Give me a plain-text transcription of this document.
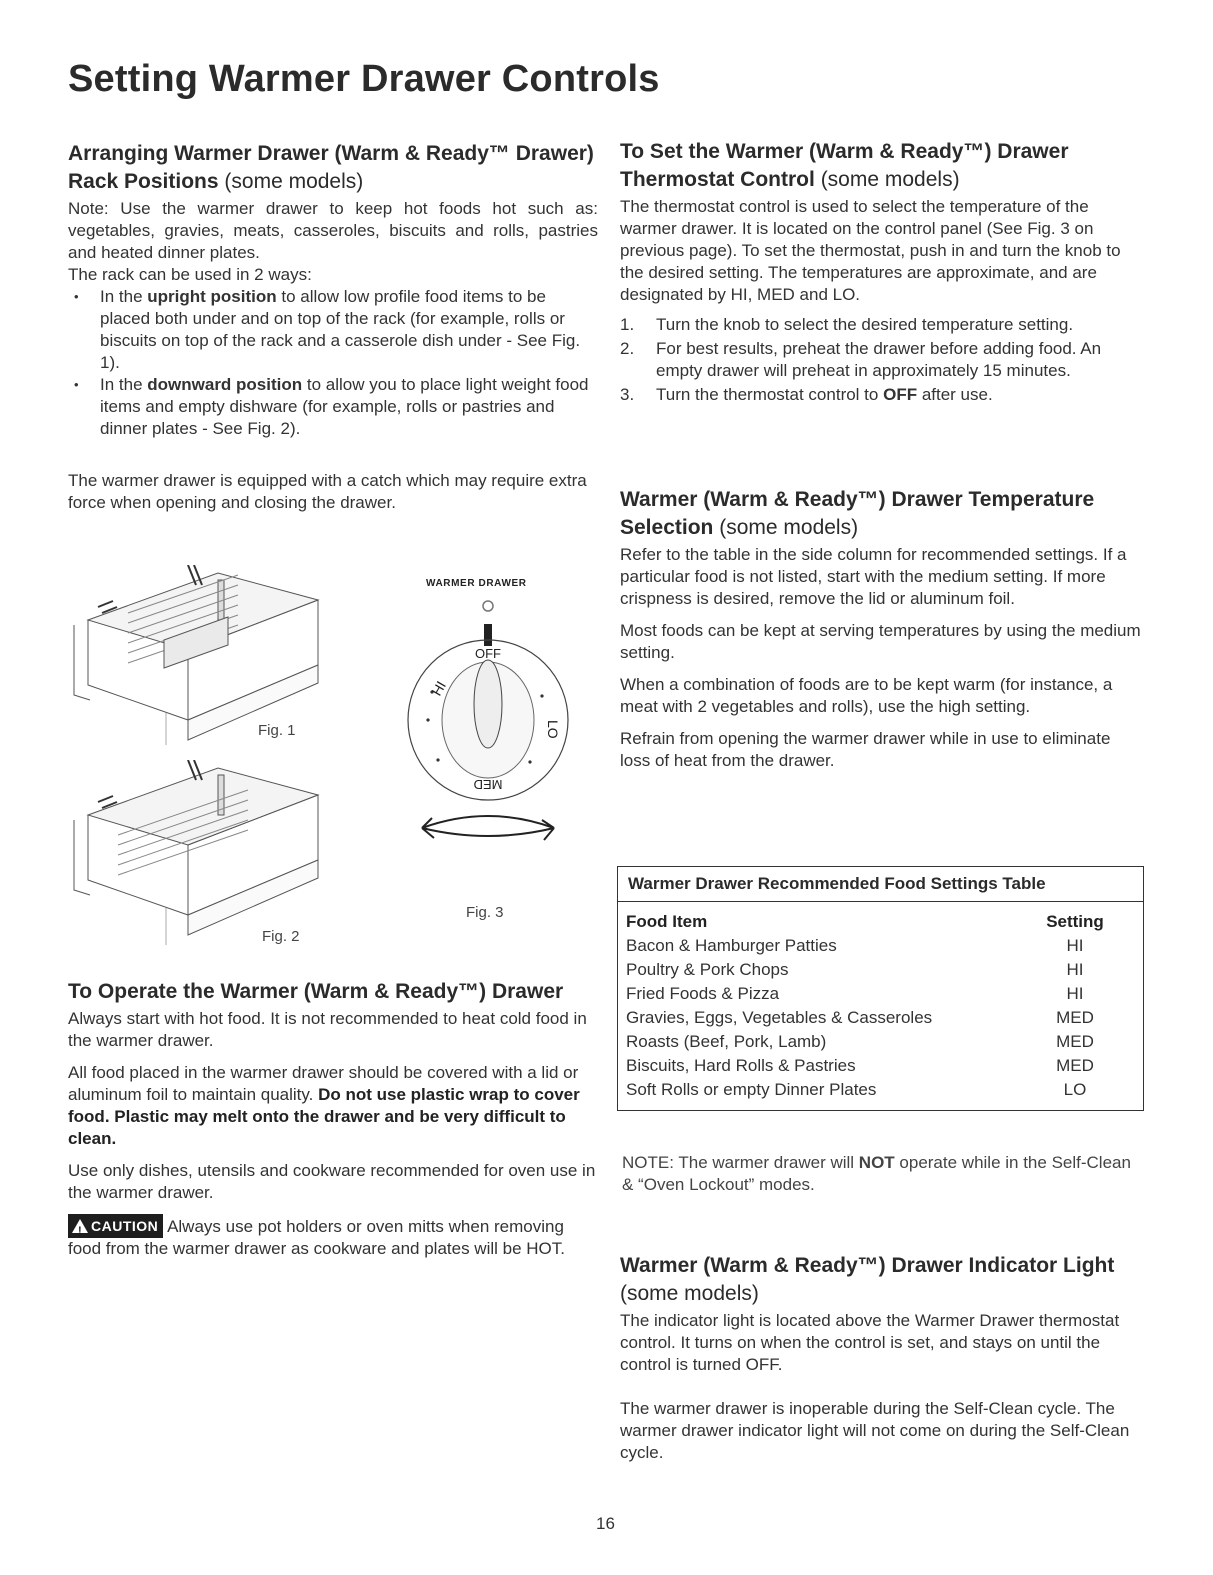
Setting Warmer Drawer Controls

Arranging Warmer Drawer (Warm & Ready™ Drawer) Rack Positions (some models)

Note: Use the warmer drawer to keep hot foods hot such as: vegetables, gravies, meats, casseroles, biscuits and rolls, pastries and heated dinner plates.

The rack can be used in 2 ways:

• In the upright position to allow low profile food items to be placed both under and on top of the rack (for example, rolls or biscuits on top of the rack and a casserole dish under - See Fig. 1).
• In the downward position to allow you to place light weight food items and empty dishware (for example, rolls or pastries and dinner plates - See Fig. 2).

The warmer drawer is equipped with a catch which may require extra force when opening and closing the drawer.

Fig. 1
Fig. 2
WARMER DRAWER
OFF
HI
LO
MED
Fig. 3

To Operate the Warmer (Warm & Ready™) Drawer

Always start with hot food. It is not recommended to heat cold food in the warmer drawer.

All food placed in the warmer drawer should be covered with a lid or aluminum foil to maintain quality. Do not use plastic wrap to cover food. Plastic may melt onto the drawer and be very difficult to clean.

Use only dishes, utensils and cookware recommended for oven use in the warmer drawer.

!CAUTION Always use pot holders or oven mitts when removing food from the warmer drawer as cookware and plates will be HOT.

To Set the Warmer (Warm & Ready™) Drawer Thermostat Control (some models)

The thermostat control is used to select the temperature of the warmer drawer. It is located on the control panel (See Fig. 3 on previous page). To set the thermostat, push in and turn the knob to the desired setting. The temperatures are approximate, and are designated by HI, MED and LO.

1. Turn the knob to select the desired temperature setting.
2. For best results, preheat the drawer before adding food. An empty drawer will preheat in approximately 15 minutes.
3. Turn the thermostat control to OFF after use.

Warmer (Warm & Ready™) Drawer Temperature Selection (some models)

Refer to the table in the side column for recommended settings. If a particular food is not listed, start with the medium setting. If more crispness is desired, remove the lid or aluminum foil.

Most foods can be kept at serving temperatures by using the medium setting.

When a combination of foods are to be kept warm (for instance, a meat with 2 vegetables and rolls), use the high setting.

Refrain from opening the warmer drawer while in use to eliminate loss of heat from the drawer.

Warmer Drawer Recommended Food Settings Table
Food Item	Setting
Bacon & Hamburger Patties	HI
Poultry & Pork Chops	HI
Fried Foods & Pizza	HI
Gravies, Eggs, Vegetables & Casseroles	MED
Roasts (Beef, Pork, Lamb)	MED
Biscuits, Hard Rolls & Pastries	MED
Soft Rolls or empty Dinner Plates	LO
NOTE: The warmer drawer will NOT operate while in the Self-Clean & “Oven Lockout” modes.

Warmer (Warm & Ready™) Drawer Indicator Light (some models)

The indicator light is located above the Warmer Drawer thermostat control. It turns on when the control is set, and stays on until the control is turned OFF.

The warmer drawer is inoperable during the Self-Clean cycle. The warmer drawer indicator light will not come on during the Self-Clean cycle.

16
